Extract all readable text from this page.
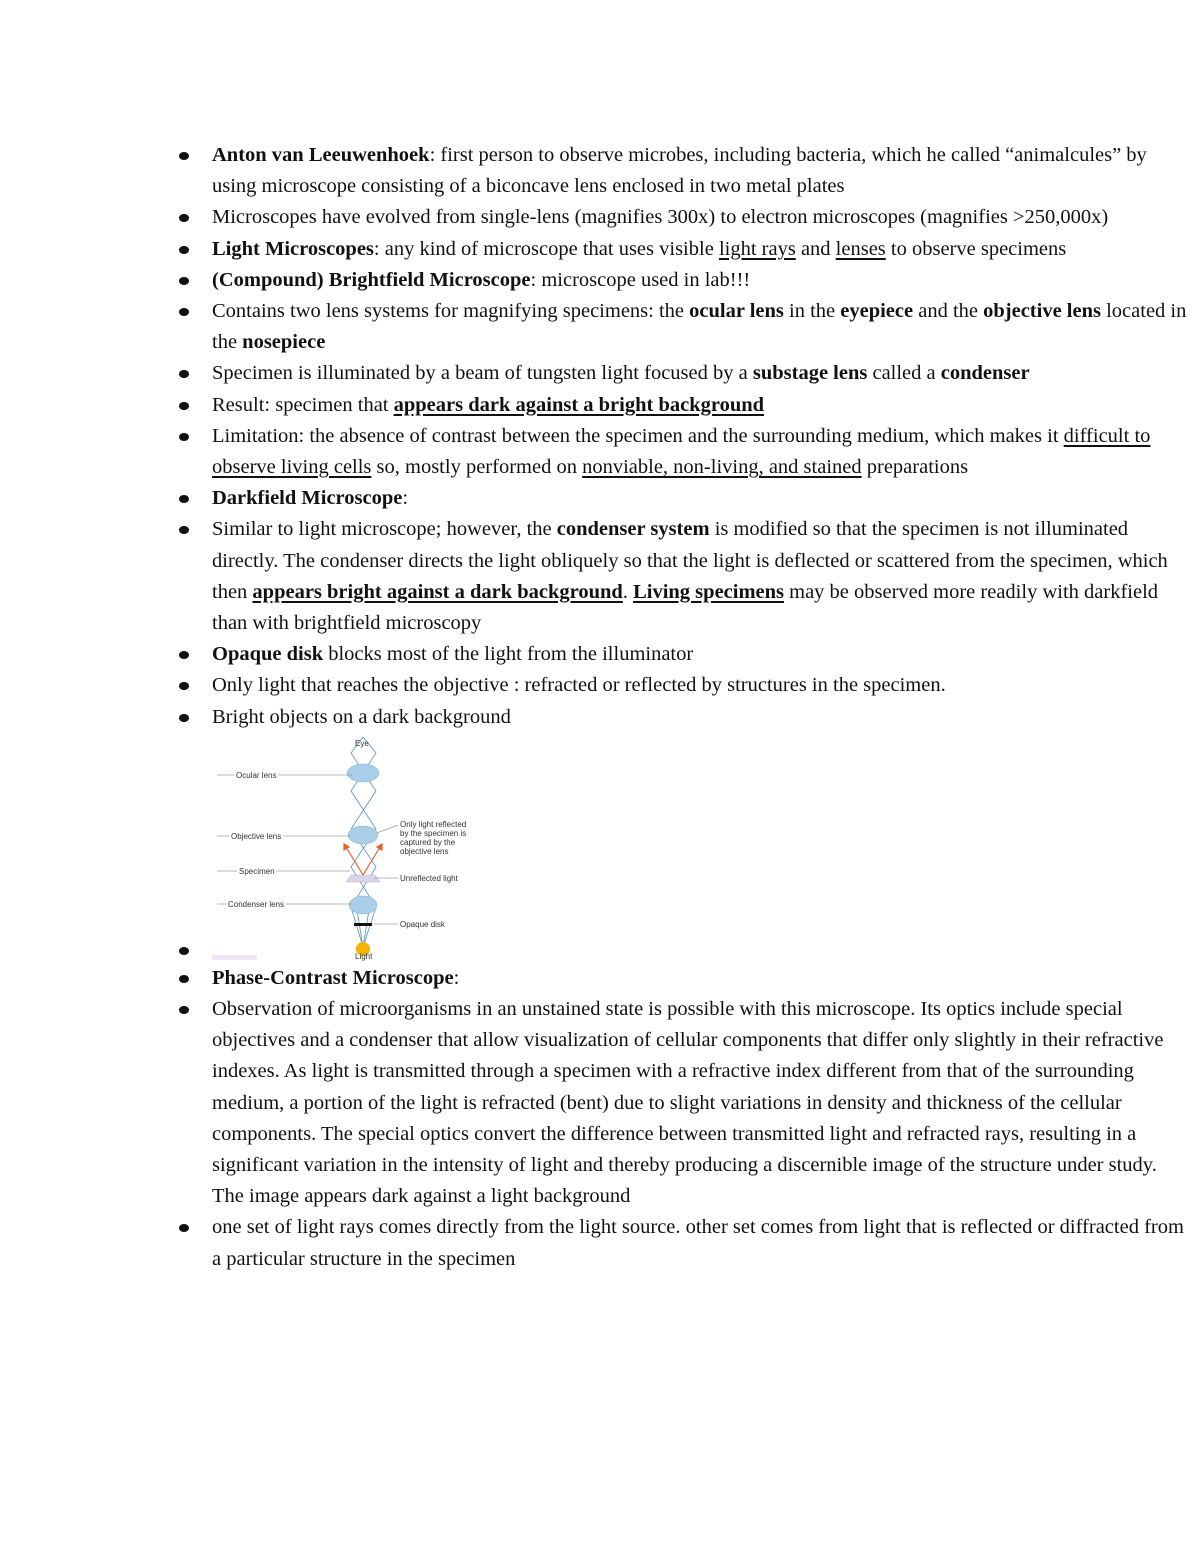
Anton van Leeuwenhoek: first person to observe microbes, including bacteria, which he called “animalcules” by using microscope consisting of a biconcave lens enclosed in two metal plates
Microscopes have evolved from single-lens (magnifies 300x) to electron microscopes (magnifies >250,000x)
Light Microscopes: any kind of microscope that uses visible light rays and lenses to observe specimens
(Compound) Brightfield Microscope: microscope used in lab!!!
Contains two lens systems for magnifying specimens: the ocular lens in the eyepiece and the objective lens located in the nosepiece
Specimen is illuminated by a beam of tungsten light focused by a substage lens called a condenser
Result: specimen that appears dark against a bright background
Limitation: the absence of contrast between the specimen and the surrounding medium, which makes it difficult to observe living cells so, mostly performed on nonviable, non-living, and stained preparations
Darkfield Microscope:
Similar to light microscope; however, the condenser system is modified so that the specimen is not illuminated directly. The condenser directs the light obliquely so that the light is deflected or scattered from the specimen, which then appears bright against a dark background. Living specimens may be observed more readily with darkfield than with brightfield microscopy
Opaque disk blocks most of the light from the illuminator
Only light that reaches the objective : refracted or reflected by structures in the specimen.
Bright objects on a dark background
Eye
Ocular lens
Objective lens
Specimen
Condenser lens
Light
Opaque disk
Unreflected light
Only light reflected
by the specimen is
captured by the
objective lens
Phase-Contrast Microscope:
Observation of microorganisms in an unstained state is possible with this microscope. Its optics include special objectives and a condenser that allow visualization of cellular components that differ only slightly in their refractive indexes. As light is transmitted through a specimen with a refractive index different from that of the surrounding medium, a portion of the light is refracted (bent) due to slight variations in density and thickness of the cellular components. The special optics convert the difference between transmitted light and refracted rays, resulting in a significant variation in the intensity of light and thereby producing a discernible image of the structure under study. The image appears dark against a light background
one set of light rays comes directly from the light source. other set comes from light that is reflected or diffracted from a particular structure in the specimen
